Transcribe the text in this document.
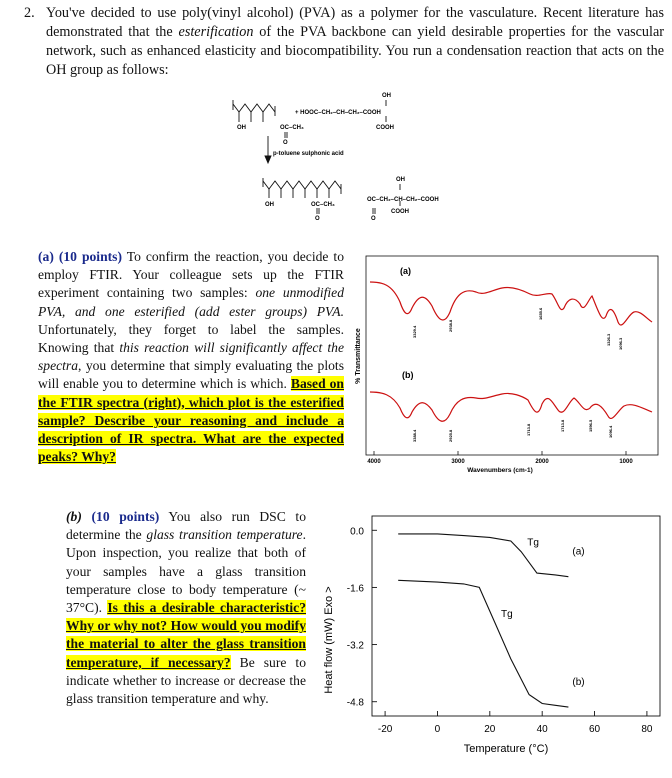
2. You've decided to use poly(vinyl alcohol) (PVA) as a polymer for the vasculature. Recent literature has demonstrated that the esterification of the PVA backbone can yield desirable properties for the vascular network, such as enhanced elasticity and biocompatibility. You run a condensation reaction that acts on the OH group as follows:
OH	OC–CH₃
O
OH
+ HOOC–CH₂–CH–CH₂–COOH
COOH
p-toluene sulphonic acid
OH	OC–CH₃
O
OC–CH₂–CH–CH₂–COOH
O
OH
COOH
(a) (10 points) To confirm the reaction, you decide to employ FTIR. Your colleague sets up the FTIR experiment containing two samples: one unmodified PVA, and one esterified (add ester groups) PVA. Unfortunately, they forget to label the samples. Knowing that this reaction will significantly affect the spectra, you determine that simply evaluating the plots will enable you to determine which is which. Based on the FTIR spectra (right), which plot is the esterified sample? Describe your reasoning and include a description of IR spectra. What are the expected peaks? Why?
% Transmittance
4000	3000	2000	1000
Wavenumbers (cm-1)
(a)
(b)
3329.4	2938.8
1655.6
1326.3 1096.3
3388.4	2925.8	1713.8	1713.8	1596.5	1096.4
(b) (10 points) You also run DSC to determine the glass transition temperature. Upon inspection, you realize that both of your samples have a glass transition temperature close to body temperature (~ 37°C). Is this a desirable characteristic? Why or why not? How would you modify the material to alter the glass transition temperature, if necessary? Be sure to indicate whether to increase or decrease the glass transition temperature and why.
Heat flow (mW) Exo >
Temperature (°C)
-20	0	20	40	60	80
0.0
-1.6
-3.2
-4.8
(a)
(b)
Tg
Tg
